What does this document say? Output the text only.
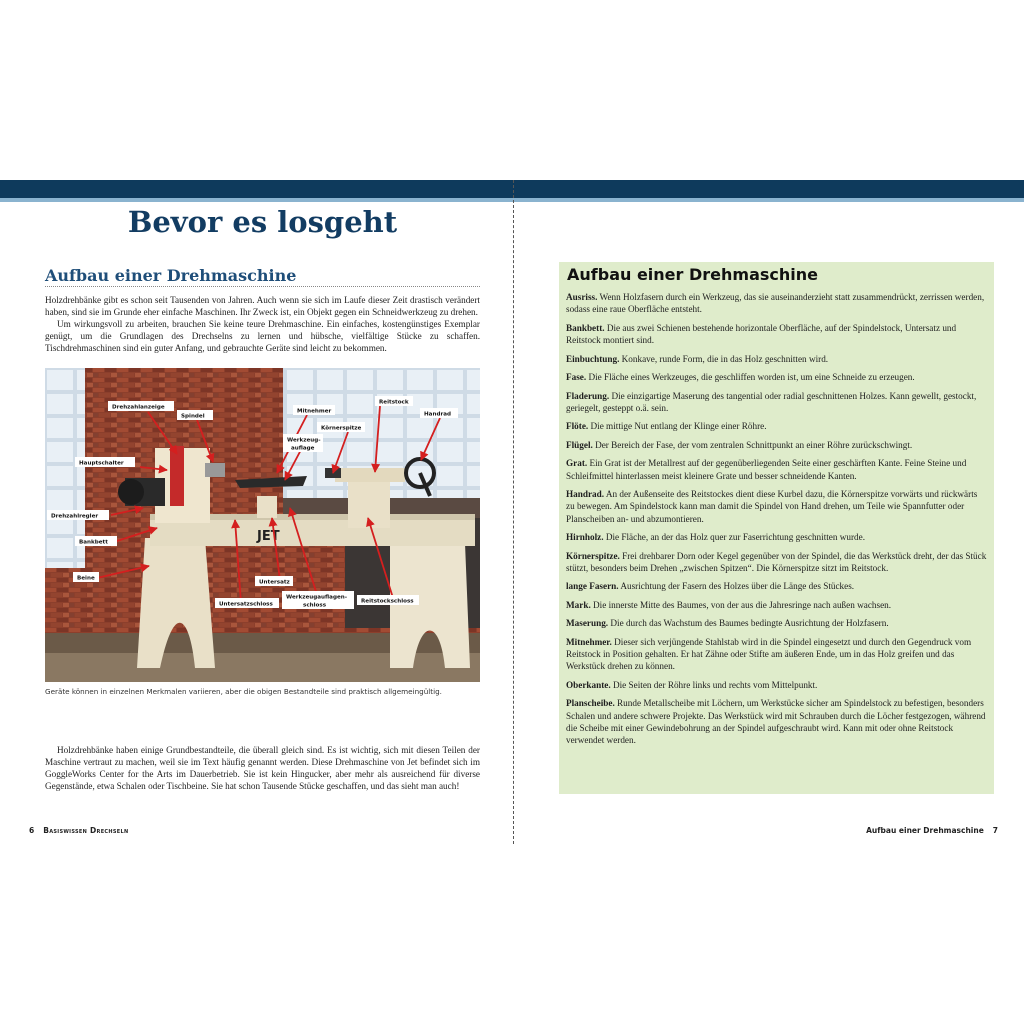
Bevor es losgeht
Aufbau einer Drehmaschine

Holzdrehbänke gibt es schon seit Tausenden von Jahren. Auch wenn sie sich im Laufe dieser Zeit drastisch verändert haben, sind sie im Grunde eher einfache Maschinen. Ihr Zweck ist, ein Objekt gegen ein Schneidwerkzeug zu drehen.

Um wirkungsvoll zu arbeiten, brauchen Sie keine teure Drehmaschine. Ein einfaches, kostengünstiges Exemplar genügt, um die Grundlagen des Drechselns zu lernen und hübsche, vielfältige Stücke zu schaffen. Tischdrehmaschinen sind ein guter Anfang, und gebrauchte Geräte sind leicht zu bekommen.

JET
Drehzahlanzeige
Spindel
Mitnehmer
Reitstock
Handrad
Körnerspitze
Werkzeug-
auflage
Hauptschalter
Drehzahlregler
Bankbett
Beine
Untersatz
Untersatzschloss
Werkzeugauflagen-
schloss
Reitstockschloss

Geräte können in einzelnen Merkmalen variieren, aber die obigen Bestandteile sind praktisch allgemeingültig.

Holzdrehbänke haben einige Grundbestandteile, die überall gleich sind. Es ist wichtig, sich mit diesen Teilen der Maschine vertraut zu machen, weil sie im Text häufig genannt werden. Diese Drehmaschine von Jet befindet sich im GoggleWorks Center for the Arts im Dauerbetrieb. Sie ist kein Hingucker, aber mehr als ausreichend für diverse Gegenstände, etwa Schalen oder Tischbeine. Sie hat schon Tausende Stücke geschaffen, und das sieht man auch!

6 Basiswissen Drechseln
Aufbau einer Drehmaschine
Ausriss. Wenn Holzfasern durch ein Werkzeug, das sie auseinanderzieht statt zusammendrückt, zerrissen werden, sodass eine raue Oberfläche entsteht.
Bankbett. Die aus zwei Schienen bestehende horizontale Oberfläche, auf der Spindelstock, Untersatz und Reitstock montiert sind.
Einbuchtung. Konkave, runde Form, die in das Holz geschnitten wird.
Fase. Die Fläche eines Werkzeuges, die geschliffen worden ist, um eine Schneide zu erzeugen.
Fladerung. Die einzigartige Maserung des tangential oder radial geschnittenen Holzes. Kann gewellt, gestockt, geriegelt, gesteppt o.ä. sein.
Flöte. Die mittige Nut entlang der Klinge einer Röhre.
Flügel. Der Bereich der Fase, der vom zentralen Schnittpunkt an einer Röhre zurückschwingt.
Grat. Ein Grat ist der Metallrest auf der gegenüberliegenden Seite einer geschärften Kante. Feine Steine und Schleifmittel hinterlassen meist kleinere Grate und besser schneidende Kanten.
Handrad. An der Außenseite des Reitstockes dient diese Kurbel dazu, die Körnerspitze vorwärts und rückwärts zu bewegen. Am Spindelstock kann man damit die Spindel von Hand drehen, um Teile wie Spannfutter oder Planscheiben an- und abzumontieren.
Hirnholz. Die Fläche, an der das Holz quer zur Faserrichtung geschnitten wurde.
Körnerspitze. Frei drehbarer Dorn oder Kegel gegenüber von der Spindel, die das Werkstück dreht, der das Stück stützt, besonders beim Drehen „zwischen Spitzen“. Die Körnerspitze sitzt im Reitstock.
lange Fasern. Ausrichtung der Fasern des Holzes über die Länge des Stückes.
Mark. Die innerste Mitte des Baumes, von der aus die Jahresringe nach außen wachsen.
Maserung. Die durch das Wachstum des Baumes bedingte Ausrichtung der Holzfasern.
Mitnehmer. Dieser sich verjüngende Stahlstab wird in die Spindel eingesetzt und durch den Gegendruck vom Reitstock in Position gehalten. Er hat Zähne oder Stifte am äußeren Ende, um in das Holz greifen und das Werkstück drehen zu können.
Oberkante. Die Seiten der Röhre links und rechts vom Mittelpunkt.
Planscheibe. Runde Metallscheibe mit Löchern, um Werkstücke sicher am Spindelstock zu befestigen, besonders Schalen und andere schwere Projekte. Das Werkstück wird mit Schrauben durch die Löcher festgezogen, während die Scheibe mit einer Gewindebohrung an der Spindel aufgeschraubt wird. Kann mit oder ohne Reitstock verwendet werden.
Aufbau einer Drehmaschine 7
